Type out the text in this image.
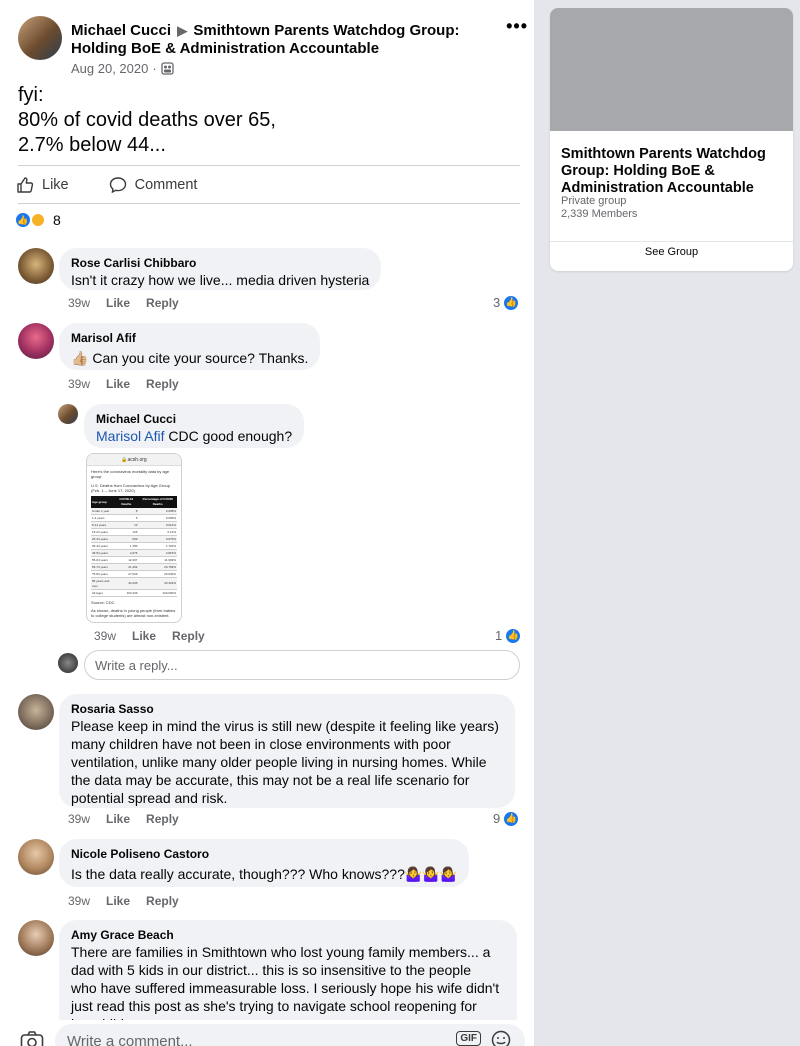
Michael Cucci ▶ Smithtown Parents Watchdog Group: Holding BoE & Administration Accountable
Aug 20, 2020 ·
•••
fyi:
80% of covid deaths over 65,
2.7% below 44...
Like	Comment
👍 8
Rose Carlisi Chibbaro
Isn't it crazy how we live... media driven hysteria
39w Like Reply	3 👍
Marisol Afif
👍🏼 Can you cite your source? Thanks.
39w Like Reply
Michael Cucci
Marisol Afif CDC good enough?
39w Like Reply	1 👍
🔒 acsh.org
Here's the coronavirus mortality data by age group:
U.S. Deaths from Coronavirus by Age Group (Feb. 1 – June 17, 2020)
Age group	COVID-19 Deaths	Percentage of COVID Deaths
Under 1 year	8	0.008%
1-4 years	5	0.005%
5-14 years	13	0.012%
15-24 years	125	0.12%
25-34 years	699	0.676%
35-44 years	1,780	1.722%
45-54 years	4,976	4.815%
55-64 years	12,307	11.909%
65-74 years	21,462	20.769%
75-84 years	27,529	26.640%
85 years and over	34,435	33.323%
All Ages	103,339	100.000%
Source: CDC
As shown, deaths in young people (from babies to college students) are almost non-existent.
Write a reply...
Rosaria Sasso
Please keep in mind the virus is still new (despite it feeling like years)
many children have not been in close environments with poor
ventilation, unlike many older people living in nursing homes. While
the data may be accurate, this may not be a real life scenario for
potential spread and risk.
39w Like Reply	9 👍
Nicole Poliseno Castoro
Is the data really accurate, though??? Who knows???🤷‍♀️🤷‍♀️🤷‍♀️
39w Like Reply
Amy Grace Beach
There are families in Smithtown who lost young family members... a
dad with 5 kids in our district... this is so insensitive to the people
who have suffered immeasurable loss. I seriously hope his wife didn't
just read this post as she's trying to navigate school reopening for
Write a comment...	GIF
Smithtown Parents Watchdog Group: Holding BoE & Administration Accountable
Private group
2,339 Members
See Group
